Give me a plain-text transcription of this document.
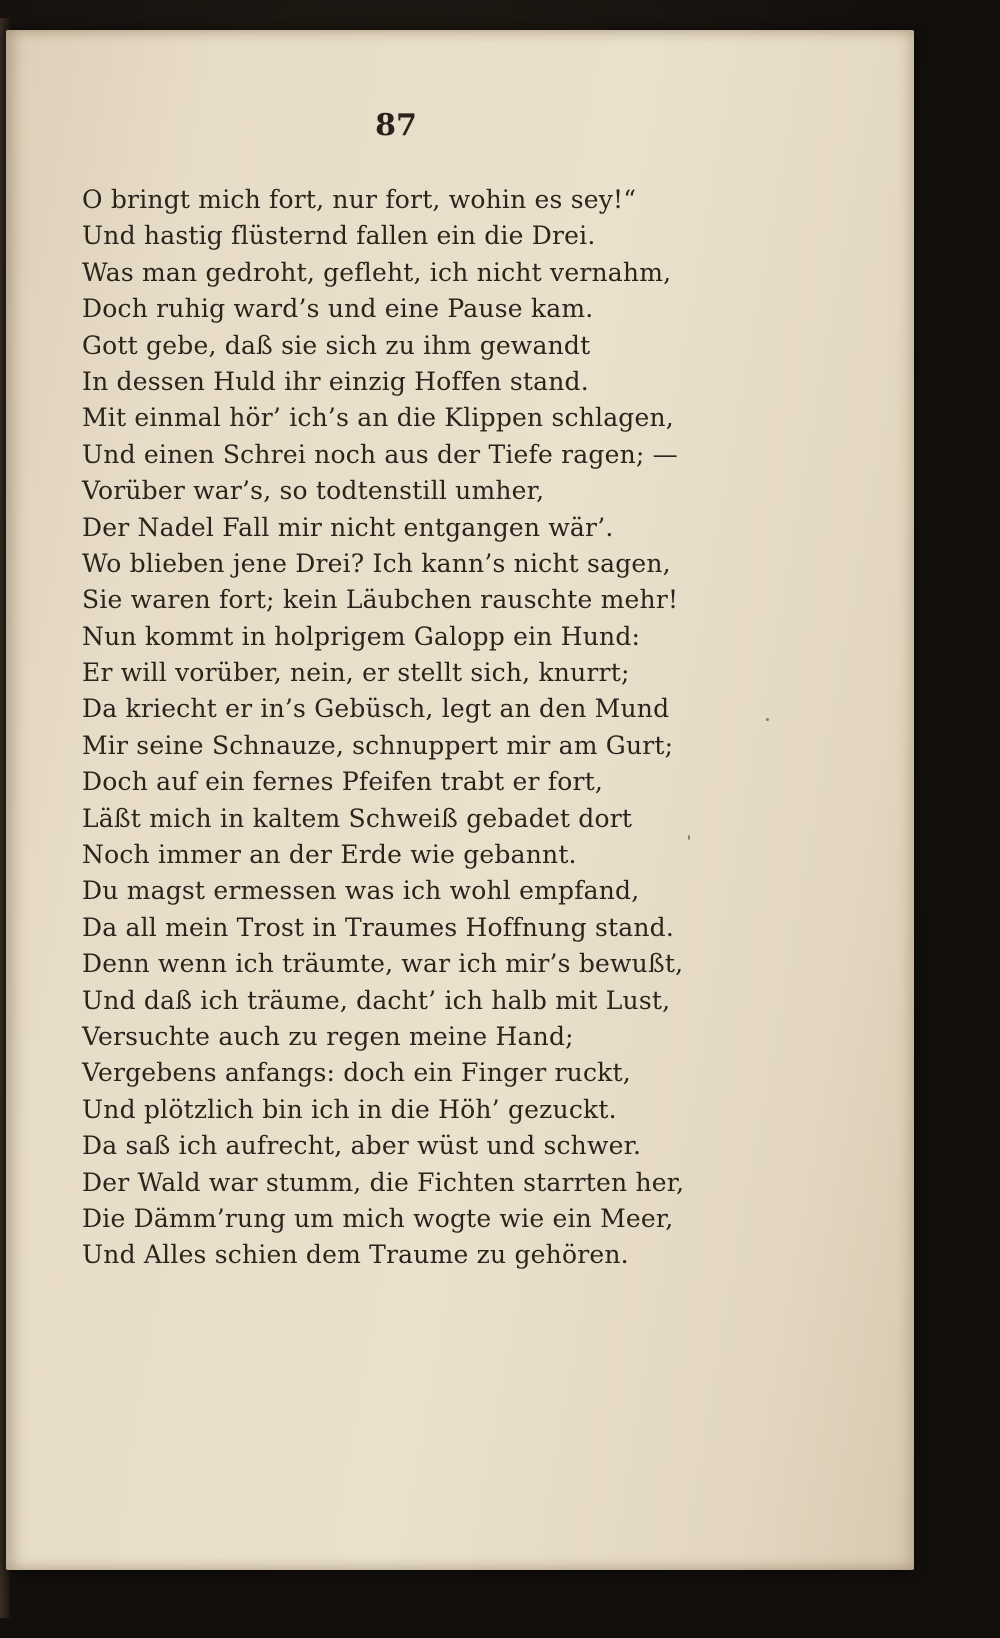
87
O bringt mich fort, nur fort, wohin es sey!“
Und hastig flüsternd fallen ein die Drei.
Was man gedroht, gefleht, ich nicht vernahm,
Doch ruhig ward’s und eine Pause kam.
Gott gebe, daß sie sich zu ihm gewandt
In dessen Huld ihr einzig Hoffen stand.
Mit einmal hör’ ich’s an die Klippen schlagen,
Und einen Schrei noch aus der Tiefe ragen; —
Vorüber war’s, so todtenstill umher,
Der Nadel Fall mir nicht entgangen wär’.
Wo blieben jene Drei? Ich kann’s nicht sagen,
Sie waren fort; kein Läubchen rauschte mehr!
Nun kommt in holprigem Galopp ein Hund:
Er will vorüber, nein, er stellt sich, knurrt;
Da kriecht er in’s Gebüsch, legt an den Mund
Mir seine Schnauze, schnuppert mir am Gurt;
Doch auf ein fernes Pfeifen trabt er fort,
Läßt mich in kaltem Schweiß gebadet dort
Noch immer an der Erde wie gebannt.
Du magst ermessen was ich wohl empfand,
Da all mein Trost in Traumes Hoffnung stand.
Denn wenn ich träumte, war ich mir’s bewußt,
Und daß ich träume, dacht’ ich halb mit Lust,
Versuchte auch zu regen meine Hand;
Vergebens anfangs: doch ein Finger ruckt,
Und plötzlich bin ich in die Höh’ gezuckt.
Da saß ich aufrecht, aber wüst und schwer.
Der Wald war stumm, die Fichten starrten her,
Die Dämm’rung um mich wogte wie ein Meer,
Und Alles schien dem Traume zu gehören.
